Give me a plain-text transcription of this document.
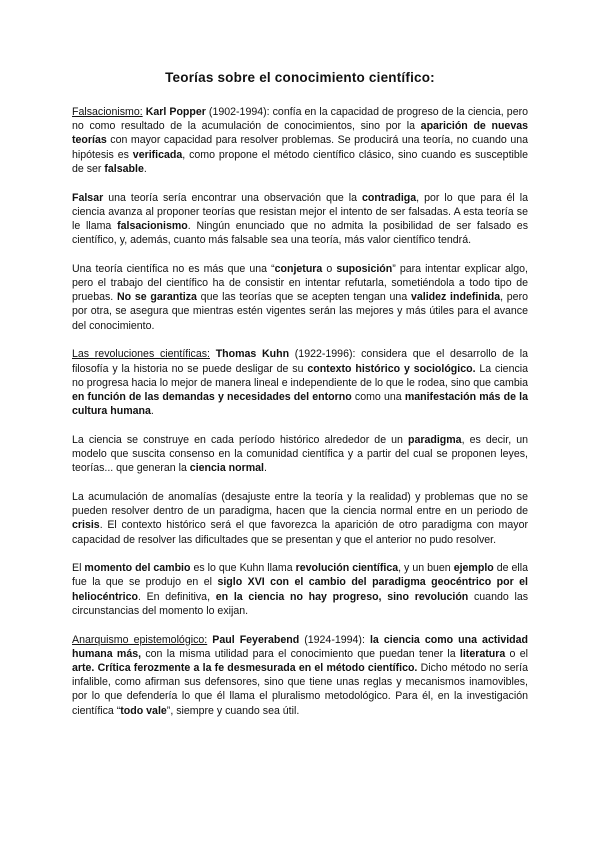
Teorías sobre el conocimiento científico:

Falsacionismo: Karl Popper (1902-1994): confía en la capacidad de progreso de la ciencia, pero no como resultado de la acumulación de conocimientos, sino por la aparición de nuevas teorías con mayor capacidad para resolver problemas. Se producirá una teoría, no cuando una hipótesis es verificada, como propone el método científico clásico, sino cuando es susceptible de ser falsable.

Falsar una teoría sería encontrar una observación que la contradiga, por lo que para él la ciencia avanza al proponer teorías que resistan mejor el intento de ser falsadas. A esta teoría se le llama falsacionismo. Ningún enunciado que no admita la posibilidad de ser falsado es científico, y, además, cuanto más falsable sea una teoría, más valor científico tendrá.

Una teoría científica no es más que una “conjetura o suposición” para intentar explicar algo, pero el trabajo del científico ha de consistir en intentar refutarla, sometiéndola a todo tipo de pruebas. No se garantiza que las teorías que se acepten tengan una validez indefinida, pero por otra, se asegura que mientras estén vigentes serán las mejores y más útiles para el avance del conocimiento.

Las revoluciones científicas: Thomas Kuhn (1922-1996): considera que el desarrollo de la filosofía y la historia no se puede desligar de su contexto histórico y sociológico. La ciencia no progresa hacia lo mejor de manera lineal e independiente de lo que le rodea, sino que cambia en función de las demandas y necesidades del entorno como una manifestación más de la cultura humana.

La ciencia se construye en cada período histórico alrededor de un paradigma, es decir, un modelo que suscita consenso en la comunidad científica y a partir del cual se proponen leyes, teorías... que generan la ciencia normal.

La acumulación de anomalías (desajuste entre la teoría y la realidad) y problemas que no se pueden resolver dentro de un paradigma, hacen que la ciencia normal entre en un periodo de crisis. El contexto histórico será el que favorezca la aparición de otro paradigma con mayor capacidad de resolver las dificultades que se presentan y que el anterior no pudo resolver.

El momento del cambio es lo que Kuhn llama revolución científica, y un buen ejemplo de ella fue la que se produjo en el siglo XVI con el cambio del paradigma geocéntrico por el heliocéntrico. En definitiva, en la ciencia no hay progreso, sino revolución cuando las circunstancias del momento lo exijan.

Anarquismo epistemológico: Paul Feyerabend (1924-1994): la ciencia como una actividad humana más, con la misma utilidad para el conocimiento que puedan tener la literatura o el arte. Crítica ferozmente a la fe desmesurada en el método científico. Dicho método no sería infalible, como afirman sus defensores, sino que tiene unas reglas y mecanismos inamovibles, por lo que defendería lo que él llama el pluralismo metodológico. Para él, en la investigación científica “todo vale”, siempre y cuando sea útil.
